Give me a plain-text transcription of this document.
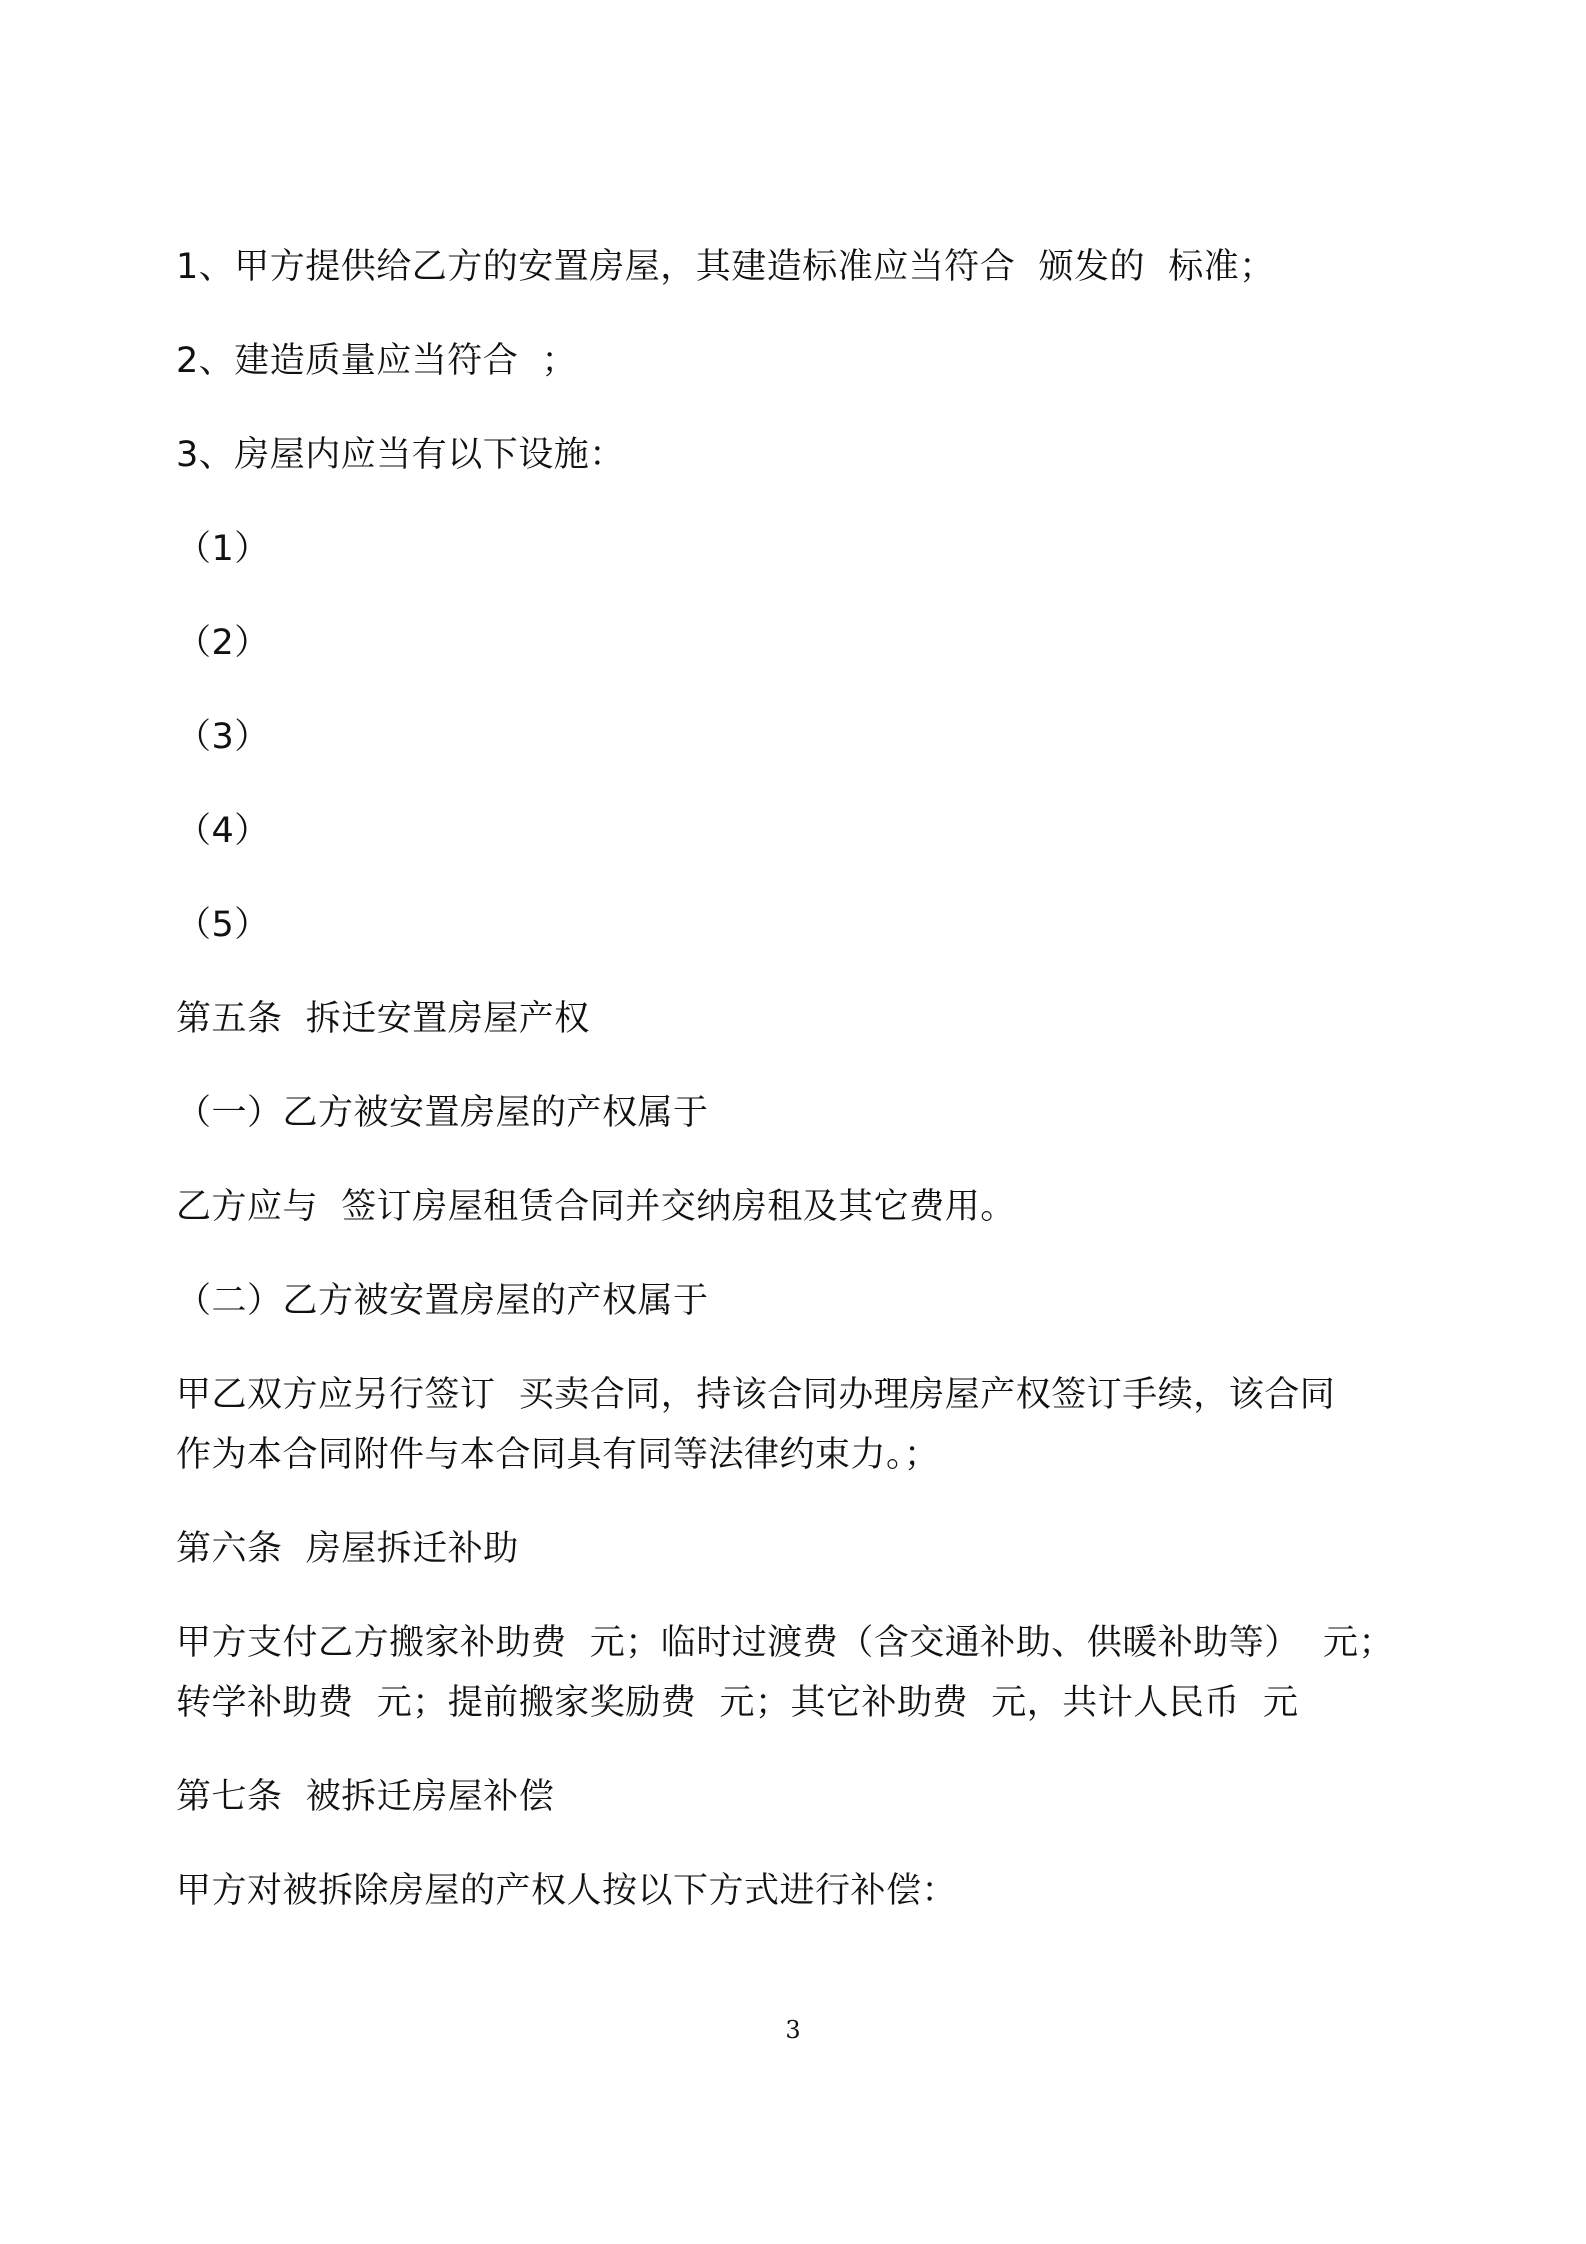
1、甲方提供给乙方的安置房屋，其建造标准应当符合  颁发的  标准；
2、建造质量应当符合  ；
3、房屋内应当有以下设施：
（1）
（2）
（3）
（4）
（5）
第五条  拆迁安置房屋产权
（一）乙方被安置房屋的产权属于
乙方应与  签订房屋租赁合同并交纳房租及其它费用。
（二）乙方被安置房屋的产权属于
甲乙双方应另行签订  买卖合同，持该合同办理房屋产权签订手续，该合同
作为本合同附件与本合同具有同等法律约束力。；
第六条  房屋拆迁补助
甲方支付乙方搬家补助费  元；临时过渡费（含交通补助、供暖补助等）  元；
转学补助费  元；提前搬家奖励费  元；其它补助费  元，共计人民币  元
第七条  被拆迁房屋补偿
甲方对被拆除房屋的产权人按以下方式进行补偿：
3
